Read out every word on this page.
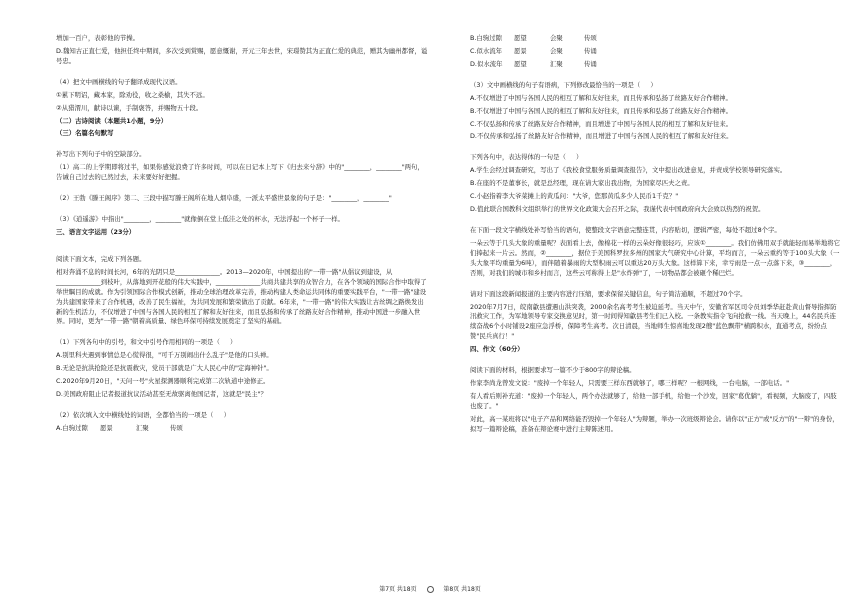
增加一百户，表彰他的节操。

D.魏知古正直仁爱，他担任终中期间，多次受到赏赐，愿意慨谢，开元三年去世，宋璟赞其为正直仁爱的典范，赠其为幽州都督，谥号忠。

（4）把文中画横线的句子翻译成现代汉语。

①累下明诏，藏本家，除劝役，收之桑榆，其失不远。

②从猎渭川，献诗以谏，手制褒答，并赐物五十段。

（二）古诗阅读（本题共1小题，9分）

（三）名篇名句默写

补写出下列句子中的空缺部分。

（1）高二的上学期即将过半，如果你感觉浪费了许多时间，可以在日记本上写下《归去来兮辞》中的"________，________"两句，告诫自己过去的已然过去，未来要好好把握。

（2）王勃《滕王阁序》第二、三段中描写滕王阁所在地人烟阜盛，一派太平盛世景象的句子是："________，________"

（3）《逍遥游》中指出"________，________"就像倒在堂上低洼之处的杯水，无法浮起一个杯子一样。

三、语言文字运用（23分）

阅读下面文本，完成下列各题。

相对奔涌不息的时间长河，6年的光阴只是______________。2013—2020年，中国提出的"一带一路"从倡议到建设，从______________到枝叶，从落地到开花般的伟大实践中，______________共商共建共享的众智合力，在各个领域的国际合作中取得了举世瞩目的成就。作为引领国际合作模式创新，推动全球治理改革完善，推动构建人类命运共同体的重要实践平台，"一带一路"建设为共建国家带来了合作机遇，改善了民生福祉，为共同发展和繁荣做出了贡献。6年来，"一带一路"的伟大实践让古丝绸之路焕发出新的生机活力，不仅增进了中国与各国人民的相互了解和友好往来，而且弘扬和传承了丝路友好合作精神，推动中国进一步融入世界。同时，更为"一带一路"朝着高质量、绿色环保可持续发展奠定了坚实的基础。

（1）下列各句中的引号，和文中引号作用相同的一项是（     ）

A.别里科夫遇到事情总是心慌得很，"可千万别闹出什么乱子"是他的口头禅。

B.无论是抗洪抢险还是抗震救灾，党员干部就是广大人民心中的"定海神针"。

C.2020年9月20日，"天问一号"火星探测器顺利完成第二次轨道中途修正。

D.美国政府阻止记者报道抗议活动甚至无故驱离他国记者，这就是"民主"？

（2）依次填入文中横线处的词语，全都恰当的一项是（     ）

A.白驹过隙	愿景	汇聚	传颂
B.白驹过隙	愿望	会聚	传颂
C.似水流年	愿景	会聚	传诵
D.似水流年	愿望	汇聚	传诵

（3）文中画横线的句子有语病，下列修改最恰当的一项是（     ）

A.不仅增进了中国与各国人民的相互了解和友好往来，而且传承和弘扬了丝路友好合作精神。

B.不仅增进了中国与各国人民的相互了解和友好往来，而且传承和弘扬了丝路友好合作精神。

C.不仅弘扬和传承了丝路友好合作精神，而且增进了中国与各国人民的相互了解和友好往来。

D.不仅传承和弘扬了丝路友好合作精神，而且增进了中国与各国人民的相互了解和友好往来。

下列各句中，表达得体的一句是（     ）

A.学生会经过调查研究，写出了《我校食堂服务质量调查报告》，文中提出改进意见，并责成学校领导研究落实。

B.在座的不是董事长，就是总经理，现在请大家出我出物，为国家尽匹夫之责。

C.小赵指着李大爷菜摊上的黄瓜问："大爷，您那黄瓜多少人民币1千克？"

D.值此联合国教科文组织举行的世界文化政策大会召开之际，我谨代表中国政府向大会致以热烈的祝贺。

在下面一段文字横线处补写恰当的语句，使整段文字语意完整连贯，内容贴切，逻辑严密，每处不超过8个字。

一朵云等于几头大象的重量呢？表面看上去，像棉花一样的云朵好像很轻巧，应该①________。我们仿佛用双手就能轻而易举地将它们捧起来一片云。然而，②________，据位于美国科罗拉多州的国家大气研究中心计算，平均而言，一朵云重约等于100头大象（一头大象平均重量为6吨），而伴随着暴雨的大型积雨云可以重达20万头大象。这样算下来，幸亏雨是一点一点落下来，③________，否则，对我们的城市和乡村而言，这些云可称得上是"水炸弹"了，一切物品都会被砸个稀巴烂。

请对下面这段新闻报道的主要内容进行压缩，要求保留关键信息，句子简洁通顺，不超过70个字。

2020年7月7日，皖南歙县遭遇山洪突袭，2000余名高考考生被迫延考。当天中午，安徽省军区司令员刘季华赶赴黄山督导指挥防汛救灾工作，为军地领导专家交换意见时，第一时间得知歙县考生们已入校。一条教实指令飞向抢救一线。当天晚上，44名民兵连续奋战6个小时铺设2座应急浮桥，保障考生高考。次日清晨，当地师生惊喜地发现2艘"蓝色飘带"横跨积水，直通考点，纷纷点赞"民兵真行！"

四、作文（60分）

阅读下面的材料，根据要求写一篇不少于800字的辩论稿。

作家李尚龙曾发文说："废掉一个年轻人，只需要三样东西就够了，哪三样呢？一根网线，一台电脑，一部电话。"

有人看后则补充道："废掉一个年轻人，两个办法就够了，给他一部手机，给他一个沙发，回家"葛优躺"，看视频，大脑废了，四肢也废了。"

对此，高一某班将以"电子产品和网络能否毁掉一个年轻人"为辩题，举办一次班级辩论会。请你以"正方"或"反方"的"一辩"的身份，拟写一篇辩论稿，准备在辩论赛中进行主辩陈述用。

第7页 共18页	第8页 共18页
